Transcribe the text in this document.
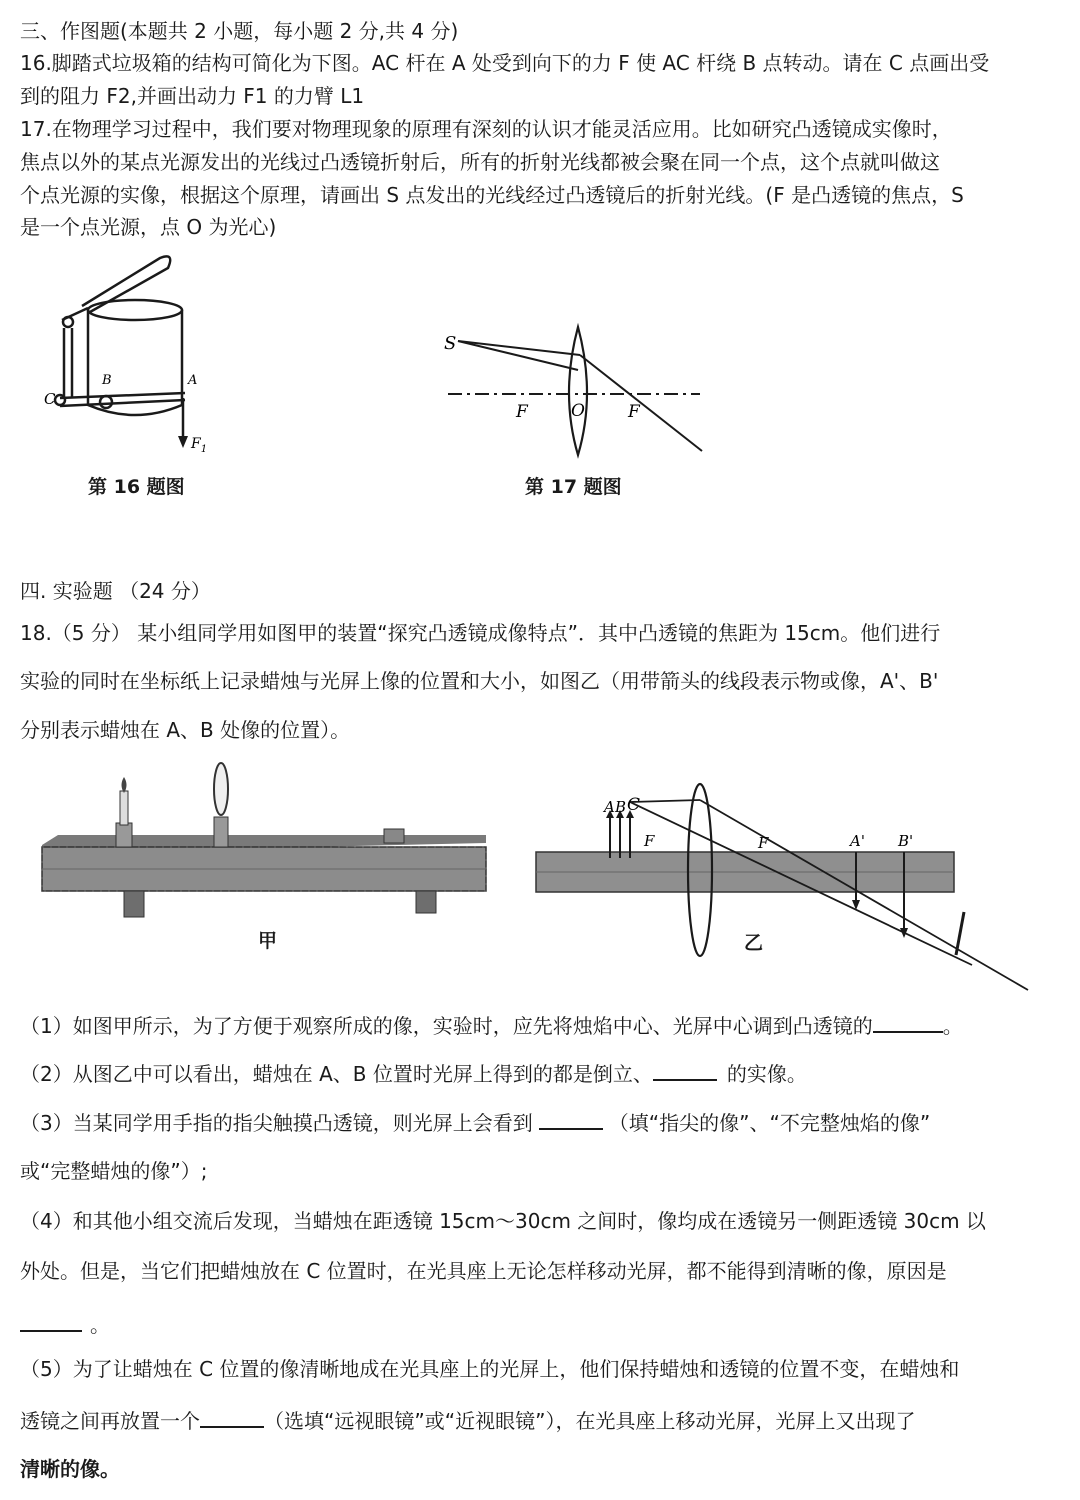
三、作图题(本题共 2 小题，每小题 2 分,共 4 分)
16.脚踏式垃圾箱的结构可简化为下图。AC 杆在 A 处受到向下的力 F 使 AC 杆绕 B 点转动。请在 C 点画出受
到的阻力 F2,并画出动力 F1 的力臂 L1
17.在物理学习过程中，我们要对物理现象的原理有深刻的认识才能灵活应用。比如研究凸透镜成实像时，
焦点以外的某点光源发出的光线过凸透镜折射后，所有的折射光线都被会聚在同一个点，这个点就叫做这
个点光源的实像，根据这个原理，请画出 S 点发出的光线经过凸透镜后的折射光线。(F 是凸透镜的焦点，S
是一个点光源，点 O 为光心)
C
B	A
$F_1$
第 16 题图
S
F	O	F
第 17 题图
四. 实验题 （24 分）
18.（5 分） 某小组同学用如图甲的装置“探究凸透镜成像特点”．其中凸透镜的焦距为 15cm。他们进行
实验的同时在坐标纸上记录蜡烛与光屏上像的位置和大小，如图乙（用带箭头的线段表示物或像，A'、B'
分别表示蜡烛在 A、B 处像的位置）。
甲
A B C
F	F	A' B'
乙
（1）如图甲所示，为了方便于观察所成的像，实验时，应先将烛焰中心、光屏中心调到凸透镜的	。
（2）从图乙中可以看出，蜡烛在 A、B 位置时光屏上得到的都是倒立、	的实像。
（3）当某同学用手指的指尖触摸凸透镜，则光屏上会看到	（填“指尖的像”、“不完整烛焰的像”
或“完整蜡烛的像”）;
（4）和其他小组交流后发现，当蜡烛在距透镜 15cm～30cm 之间时，像均成在透镜另一侧距透镜 30cm 以
外处。但是，当它们把蜡烛放在 C 位置时，在光具座上无论怎样移动光屏，都不能得到清晰的像，原因是
。
（5）为了让蜡烛在 C 位置的像清晰地成在光具座上的光屏上，他们保持蜡烛和透镜的位置不变，在蜡烛和
透镜之间再放置一个	（选填“远视眼镜”或“近视眼镜”），在光具座上移动光屏，光屏上又出现了
清晰的像。
